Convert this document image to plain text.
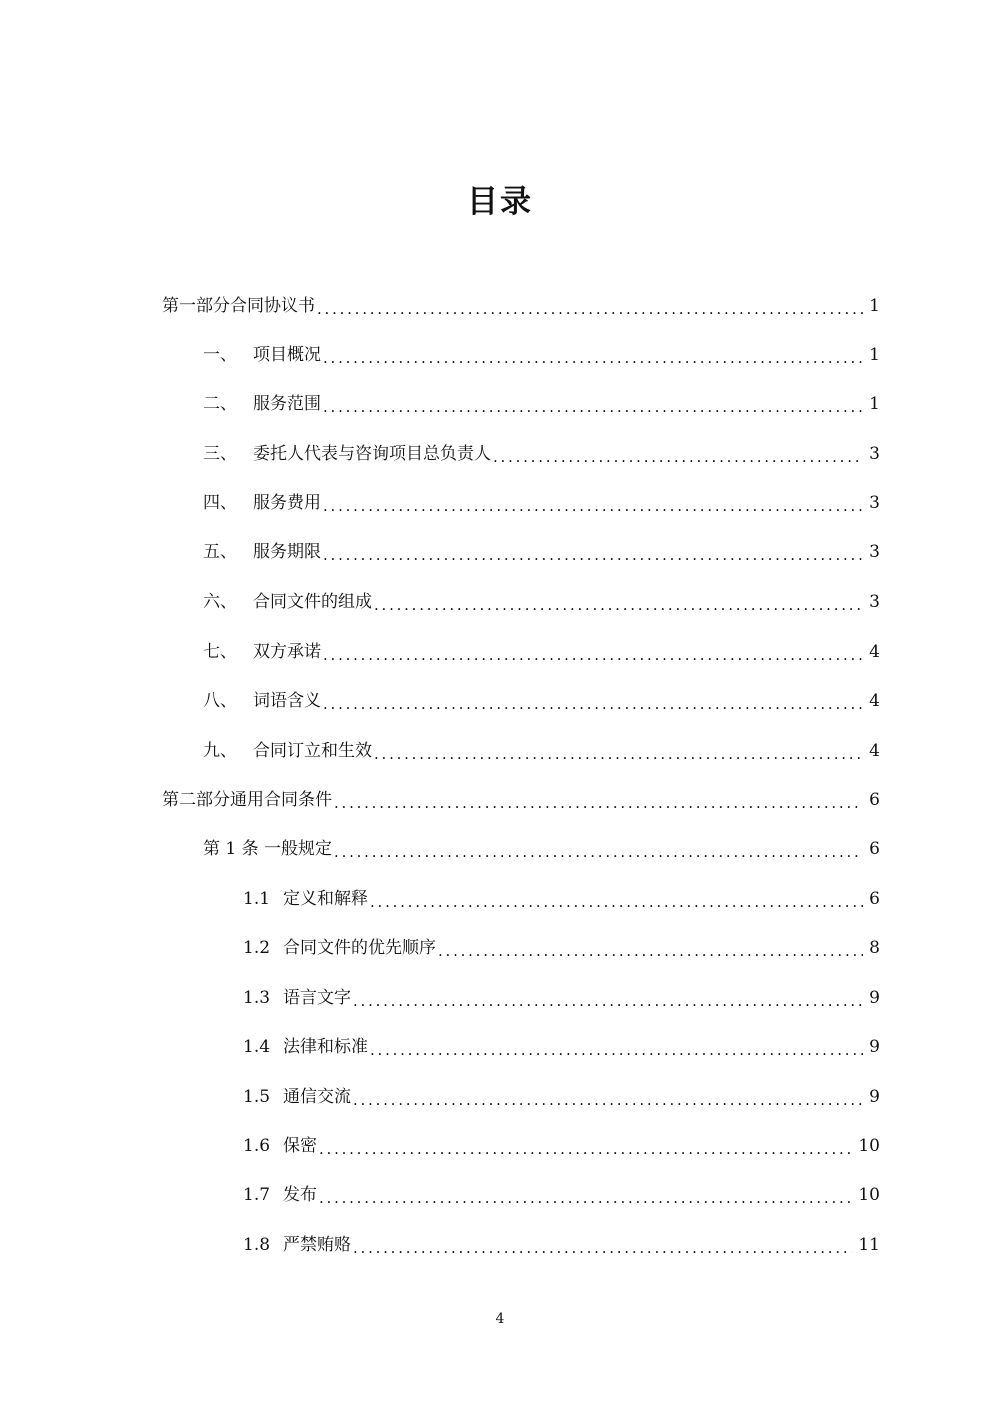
目录
第一部分合同协议书 . . .	1
一、 项目概况 . . .	1
二、 服务范围 . . .	1
三、 委托人代表与咨询项目总负责人 . . .	3
四、 服务费用 . . .	3
五、 服务期限 . . .	3
六、 合同文件的组成 . . .	3
七、 双方承诺 . . .	4
八、 词语含义 . . .	4
九、 合同订立和生效 . . .	4
第二部分通用合同条件 . . .	6
第 1 条 一般规定 . . .	6
1.1 定义和解释 . . .	6
1.2 合同文件的优先顺序 . . .	8
1.3 语言文字 . . .	9
1.4 法律和标准 . . .	9
1.5 通信交流 . . .	9
1.6 保密 . . .	10
1.7 发布 . . .	10
1.8 严禁贿赂 . . .	11
4
